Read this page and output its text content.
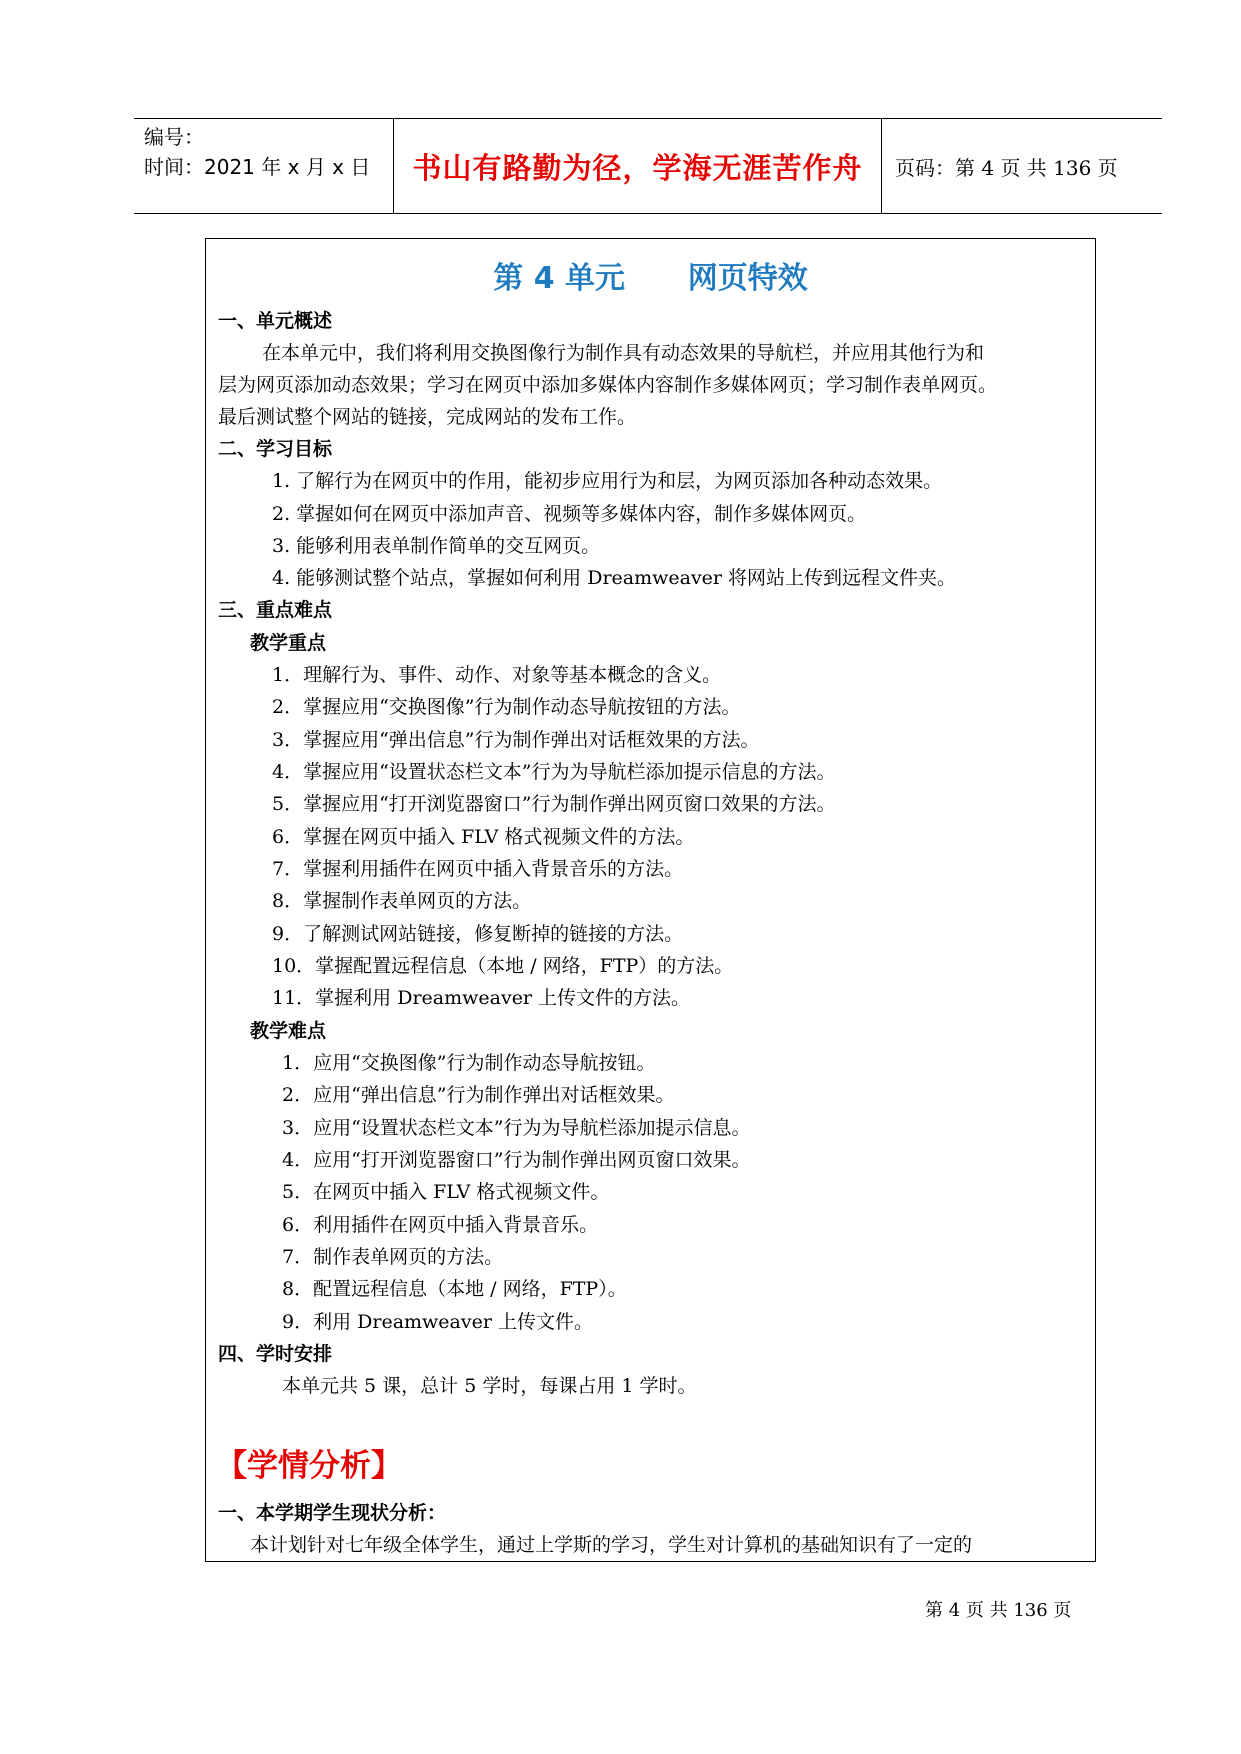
编号：
时间：2021 年 x 月 x 日	书山有路勤为径，学海无涯苦作舟 页码：第 4 页 共 136 页
第 4 单元      网页特效
一、单元概述
在本单元中，我们将利用交换图像行为制作具有动态效果的导航栏，并应用其他行为和
层为网页添加动态效果；学习在网页中添加多媒体内容制作多媒体网页；学习制作表单网页。
最后测试整个网站的链接，完成网站的发布工作。
二、学习目标
1. 了解行为在网页中的作用，能初步应用行为和层，为网页添加各种动态效果。
2. 掌握如何在网页中添加声音、视频等多媒体内容，制作多媒体网页。
3. 能够利用表单制作简单的交互网页。
4. 能够测试整个站点，掌握如何利用 Dreamweaver 将网站上传到远程文件夹。
三、重点难点
教学重点
1．理解行为、事件、动作、对象等基本概念的含义。
2．掌握应用“交换图像”行为制作动态导航按钮的方法。
3．掌握应用“弹出信息”行为制作弹出对话框效果的方法。
4．掌握应用“设置状态栏文本”行为为导航栏添加提示信息的方法。
5．掌握应用“打开浏览器窗口”行为制作弹出网页窗口效果的方法。
6．掌握在网页中插入 FLV 格式视频文件的方法。
7．掌握利用插件在网页中插入背景音乐的方法。
8．掌握制作表单网页的方法。
9．了解测试网站链接，修复断掉的链接的方法。
10．掌握配置远程信息（本地 / 网络，FTP）的方法。
11．掌握利用 Dreamweaver 上传文件的方法。
教学难点
1．应用“交换图像”行为制作动态导航按钮。
2．应用“弹出信息”行为制作弹出对话框效果。
3．应用“设置状态栏文本”行为为导航栏添加提示信息。
4．应用“打开浏览器窗口”行为制作弹出网页窗口效果。
5．在网页中插入 FLV 格式视频文件。
6．利用插件在网页中插入背景音乐。
7．制作表单网页的方法。
8．配置远程信息（本地 / 网络，FTP）。
9．利用 Dreamweaver 上传文件。
四、学时安排
本单元共 5 课，总计 5 学时，每课占用 1 学时。
【学情分析】
一、本学期学生现状分析：
本计划针对七年级全体学生，通过上学斯的学习，学生对计算机的基础知识有了一定的
第 4 页 共 136 页
